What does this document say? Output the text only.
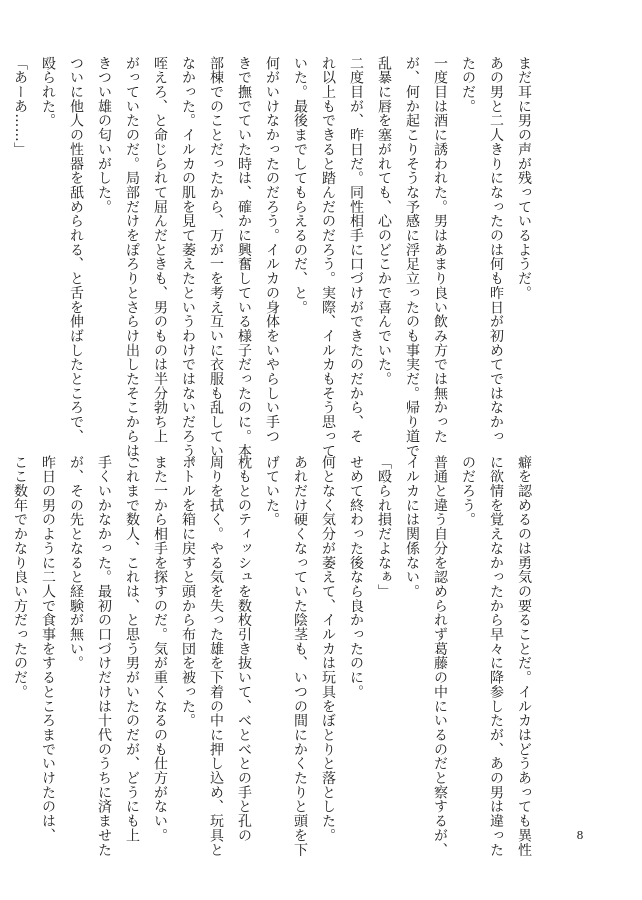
まだ耳に男の声が残っているようだ。

あの男と二人きりになったのは何も昨日が初めてではなかっ

たのだ。

一度目は酒に誘われた。男はあまり良い飲み方では無かった

が、何か起こりそうな予感に浮足立ったのも事実だ。帰り道で

乱暴に唇を塞がれても、心のどこかで喜んでいた。

二度目が、昨日だ。同性相手に口づけができたのだから、そ

れ以上もできると踏んだのだろう。実際、イルカもそう思って

いた。最後までしてもらえるのだ、と。

何がいけなかったのだろう。イルカの身体をいやらしい手つ

きで撫でていた時は、確かに興奮している様子だったのに。本

部棟でのことだったから、万が一を考え互いに衣服も乱してい

なかった。イルカの肌を見て萎えたというわけではないだろう。

咥えろ、と命じられて屈んだときも、男のものは半分勃ち上

がっていたのだ。局部だけをぽろりとさらけ出したそこからは、

きつい雄の匂いがした。

ついに他人の性器を舐められる、と舌を伸ばしたところで、

殴られた。

「あーあ……」

癖を認めるのは勇気の要ることだ。イルカはどうあっても異性

に欲情を覚えなかったから早々に降参したが、あの男は違った

のだろう。

普通と違う自分を認められず葛藤の中にいるのだと察するが、

イルカには関係ない。

「殴られ損だよなぁ」

せめて終わった後なら良かったのに。

何となく気分が萎えて、イルカは玩具をぼとりと落とした。

あれだけ硬くなっていた陰茎も、いつの間にかくたりと頭を下

げていた。

枕もとのティッシュを数枚引き抜いて、べとべとの手と孔の

周りを拭く。やる気を失った雄を下着の中に押し込め、玩具と

ボトルを箱に戻すと頭から布団を被った。

また一から相手を探すのだ。気が重くなるのも仕方がない。

これまで数人、これは、と思う男がいたのだが、どうにも上

手くいかなかった。最初の口づけだけは十代のうちに済ませた

が、その先となると経験が無い。

昨日の男のように二人で食事をするところまでいけたのは、

ここ数年でかなり良い方だったのだ。

8
